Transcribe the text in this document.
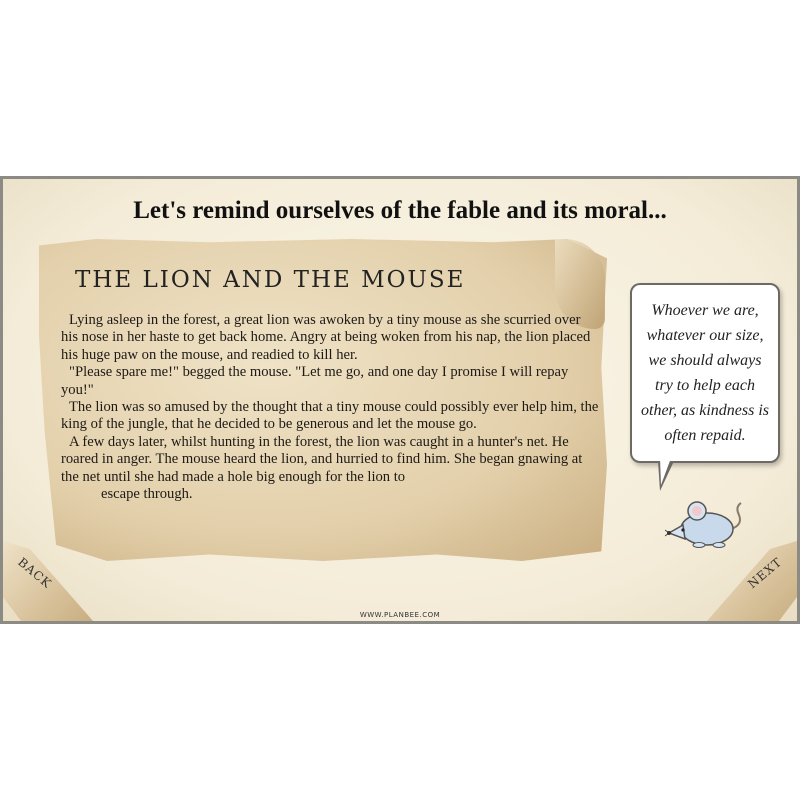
Let's remind ourselves of the fable and its moral...
THE LION AND THE MOUSE

Lying asleep in the forest, a great lion was awoken by a tiny mouse as she scurried over his nose in her haste to get back home. Angry at being woken from his nap, the lion placed his huge paw on the mouse, and readied to kill her.

"Please spare me!" begged the mouse. "Let me go, and one day I promise I will repay you!"

The lion was so amused by the thought that a tiny mouse could possibly ever help him, the king of the jungle, that he decided to be generous and let the mouse go.

A few days later, whilst hunting in the forest, the lion was caught in a hunter's net. He roared in anger. The mouse heard the lion, and hurried to find him. She began gnawing at the net until she had made a hole big enough for the lion to
escape through.

Whoever we are, whatever our size, we should always try to help each other, as kindness is often repaid.
BACK	NEXT
WWW.PLANBEE.COM
